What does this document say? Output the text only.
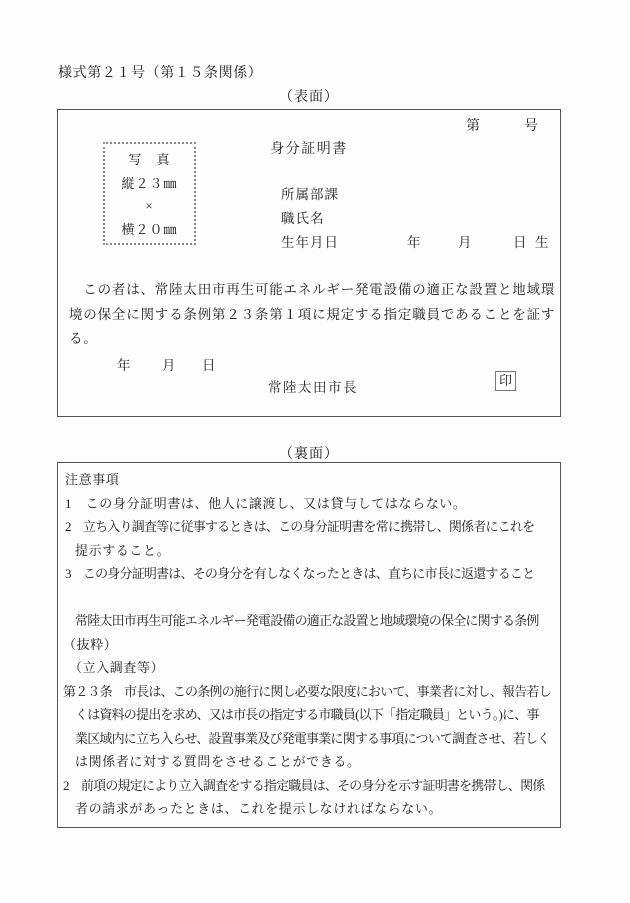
様式第２１号（第１５条関係）
（表面）
第	号
身分証明書
写　真
縦２３㎜
×
横２０㎜
所属部課
職氏名
生年月日	年	月	日 生
　この者は、常陸太田市再生可能エネルギー発電設備の適正な設置と地域環
境の保全に関する条例第２３条第１項に規定する指定職員であることを証す
る。
年 月 日
常陸太田市長	印
（裏面）
注意事項
1　この身分証明書は、他人に譲渡し、又は貸与してはならない。
2　立ち入り調査等に従事するときは、この身分証明書を常に携帯し、関係者にこれを
提示すること。
3　この身分証明書は、その身分を有しなくなったときは、直ちに市長に返還すること
常陸太田市再生可能エネルギー発電設備の適正な設置と地域環境の保全に関する条例
（抜粋）
（立入調査等）
第２３条　市長は、この条例の施行に関し必要な限度において、事業者に対し、報告若し
くは資料の提出を求め、又は市長の指定する市職員(以下「指定職員」という。)に、事
業区域内に立ち入らせ、設置事業及び発電事業に関する事項について調査させ、若しく
は関係者に対する質問をさせることができる。
2　前項の規定により立入調査をする指定職員は、その身分を示す証明書を携帯し、関係
者の請求があったときは、これを提示しなければならない。
